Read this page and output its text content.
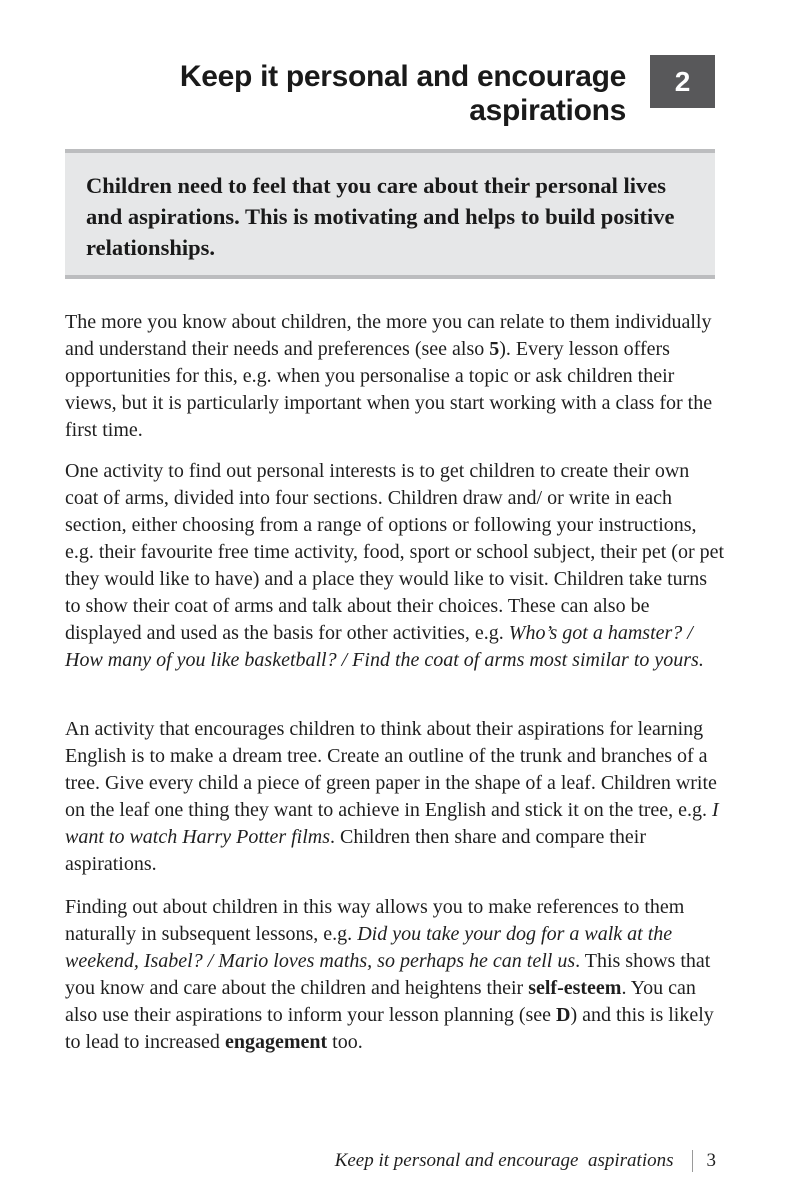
Keep it personal and encourage aspirations
2
Children need to feel that you care about their personal lives and aspirations. This is motivating and helps to build positive relationships.

The more you know about children, the more you can relate to them individually and understand their needs and preferences (see also 5). Every lesson offers opportunities for this, e.g. when you personalise a topic or ask children their views, but it is particularly important when you start working with a class for the first time.

One activity to find out personal interests is to get children to create their own coat of arms, divided into four sections. Children draw and/ or write in each section, either choosing from a range of options or following your instructions, e.g. their favourite free time activity, food, sport or school subject, their pet (or pet they would like to have) and a place they would like to visit. Children take turns to show their coat of arms and talk about their choices. These can also be displayed and used as the basis for other activities, e.g. Who’s got a hamster? / How many of you like basketball? / Find the coat of arms most similar to yours.

An activity that encourages children to think about their aspirations for learning English is to make a dream tree. Create an outline of the trunk and branches of a tree. Give every child a piece of green paper in the shape of a leaf. Children write on the leaf one thing they want to achieve in English and stick it on the tree, e.g. I want to watch Harry Potter films. Children then share and compare their aspirations.

Finding out about children in this way allows you to make references to them naturally in subsequent lessons, e.g. Did you take your dog for a walk at the weekend, Isabel? / Mario loves maths, so perhaps he can tell us. This shows that you know and care about the children and heightens their self-esteem. You can also use their aspirations to inform your lesson planning (see D) and this is likely to lead to increased engagement too.

Keep it personal and encourage  aspirations 3
